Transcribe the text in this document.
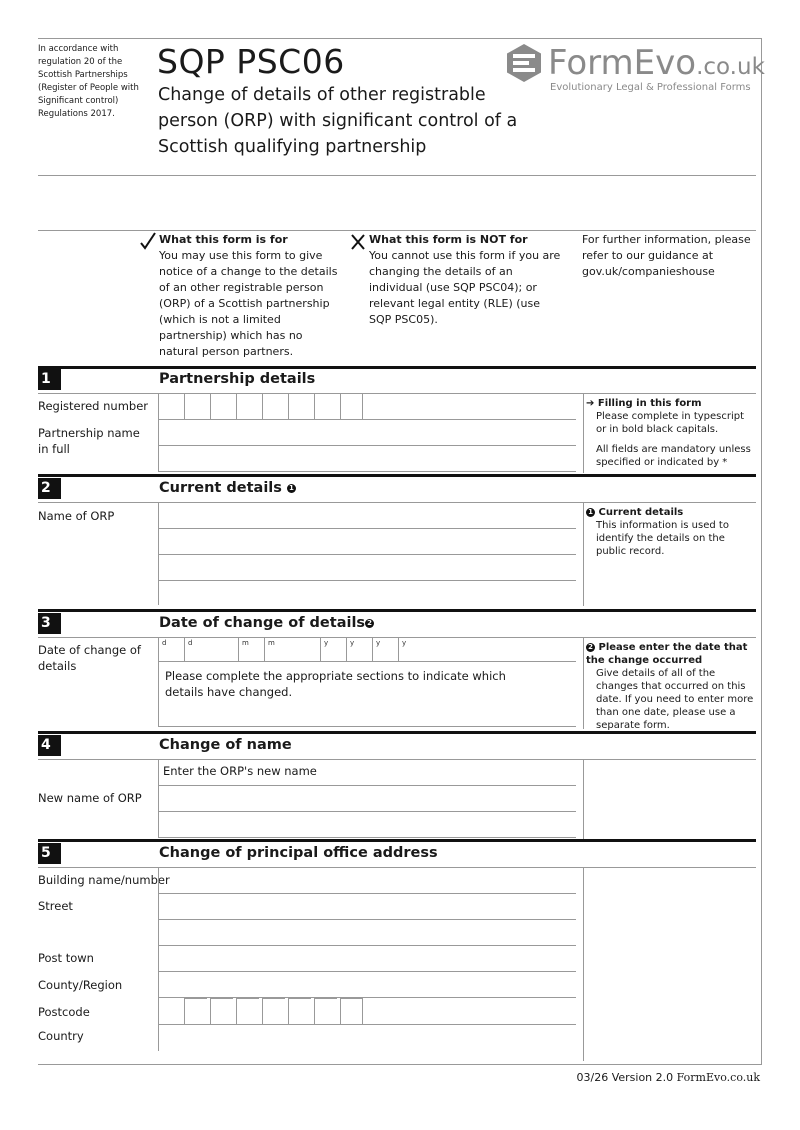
In accordance with regulation 20 of the Scottish Partnerships (Register of People with Significant control) Regulations 2017.
SQP PSC06
Change of details of other registrable person (ORP) with significant control of a Scottish qualifying partnership
FormEvo.co.uk
Evolutionary Legal & Professional Forms
What this form is for
You may use this form to give notice of a change to the details of an other registrable person (ORP) of a Scottish partnership (which is not a limited partnership) which has no natural person partners.
What this form is NOT for
You cannot use this form if you are changing the details of an individual (use SQP PSC04); or relevant legal entity (RLE) (use SQP PSC05).
For further information, please refer to our guidance at gov.uk/companieshouse
1	Partnership details
Registered number
Partnership name in full
➔ Filling in this form
Please complete in typescript or in bold black capitals.
All fields are mandatory unless specified or indicated by *
2	Current details 1
Name of ORP	1 Current details
This information is used to identify the details on the public record.
3	Date of change of details 2
Date of change of details
d	d	m	m	y	y	y	y
Please complete the appropriate sections to indicate which details have changed.
2 Please enter the date that the change occurred
Give details of all of the changes that occurred on this date. If you need to enter more than one date, please use a separate form.
4	Change of name
Enter the ORP's new name
New name of ORP
5	Change of principal office address
Building name/number
Street
Post town
County/Region
Postcode
Country
03/26 Version 2.0 FormEvo.co.uk
